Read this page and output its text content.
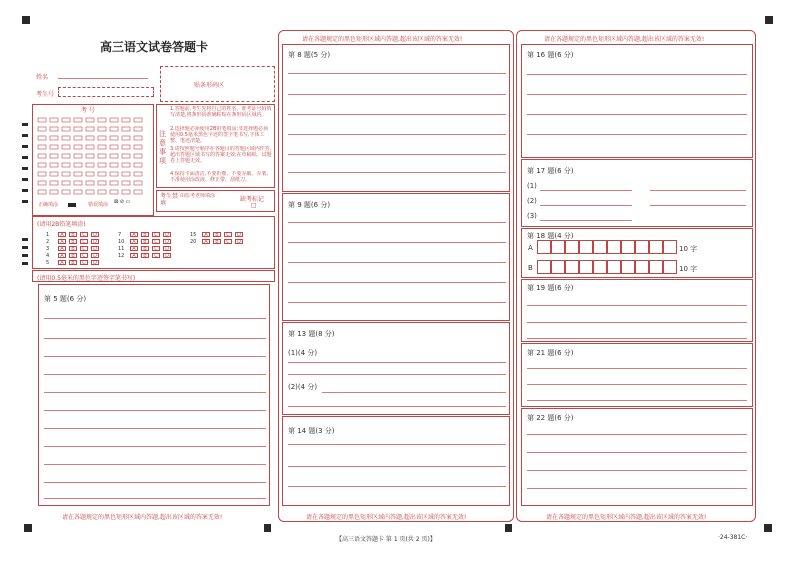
高三语文试卷答题卡
姓名
考生号
贴条形码区
考 号
注意事项
1.答题前,考生先将自己的姓名、准考证号码填写清楚,将条形码准确粘贴在条形码区域内。
2.选择题必须使用2B铅笔填涂;非选择题必须使用0.5毫米黑色字迹的签字笔书写,字体工整、笔迹清楚。
3.请按照题号顺序在各题目的答题区域内作答,超出答题区域书写的答案无效;在草稿纸、试题卷上答题无效。
4.保持卡面清洁,不要折叠、不要弄破、弄皱,不准使用涂改液、修正带、刮纸刀。
正确填涂	错误填涂 ⊠ ⊘ ▭
考生禁填
由监考老师填涂	缺考标记
□
(请用2B铅笔填涂)
1	A	B	C	D
2	A	B	C	D
3	A	B	C	D
4	A	B	C	D
5	A	B	C	D
7	A	B	C	D
10	A	B	C	D
11	A	B	C	D
12	A	B	C	D
15	A	B	C	D
20	A	B	C	D
(请用0.5毫米的黑色字迹签字笔书写)
第 5 题(6 分)
请在各题规定的黑色矩形区域内答题,超出该区域的答案无效!
请在各题规定的黑色矩形区域内答题,超出该区域的答案无效!
第 8 题(5 分)
第 9 题(6 分)
第 13 题(8 分)
(1)(4 分)
(2)(4 分)
第 14 题(3 分)
请在各题规定的黑色矩形区域内答题,超出该区域的答案无效!
请在各题规定的黑色矩形区域内答题,超出该区域的答案无效!
第 16 题(6 分)
第 17 题(6 分)
(1)
(2)
(3)
第 18 题(4 分)
A	10 字
B	10 字
第 19 题(6 分)
第 21 题(6 分)
第 22 题(6 分)
请在各题规定的黑色矩形区域内答题,超出该区域的答案无效!
【高三语文答题卡 第 1 页(共 2 页)】	·24-381C·
